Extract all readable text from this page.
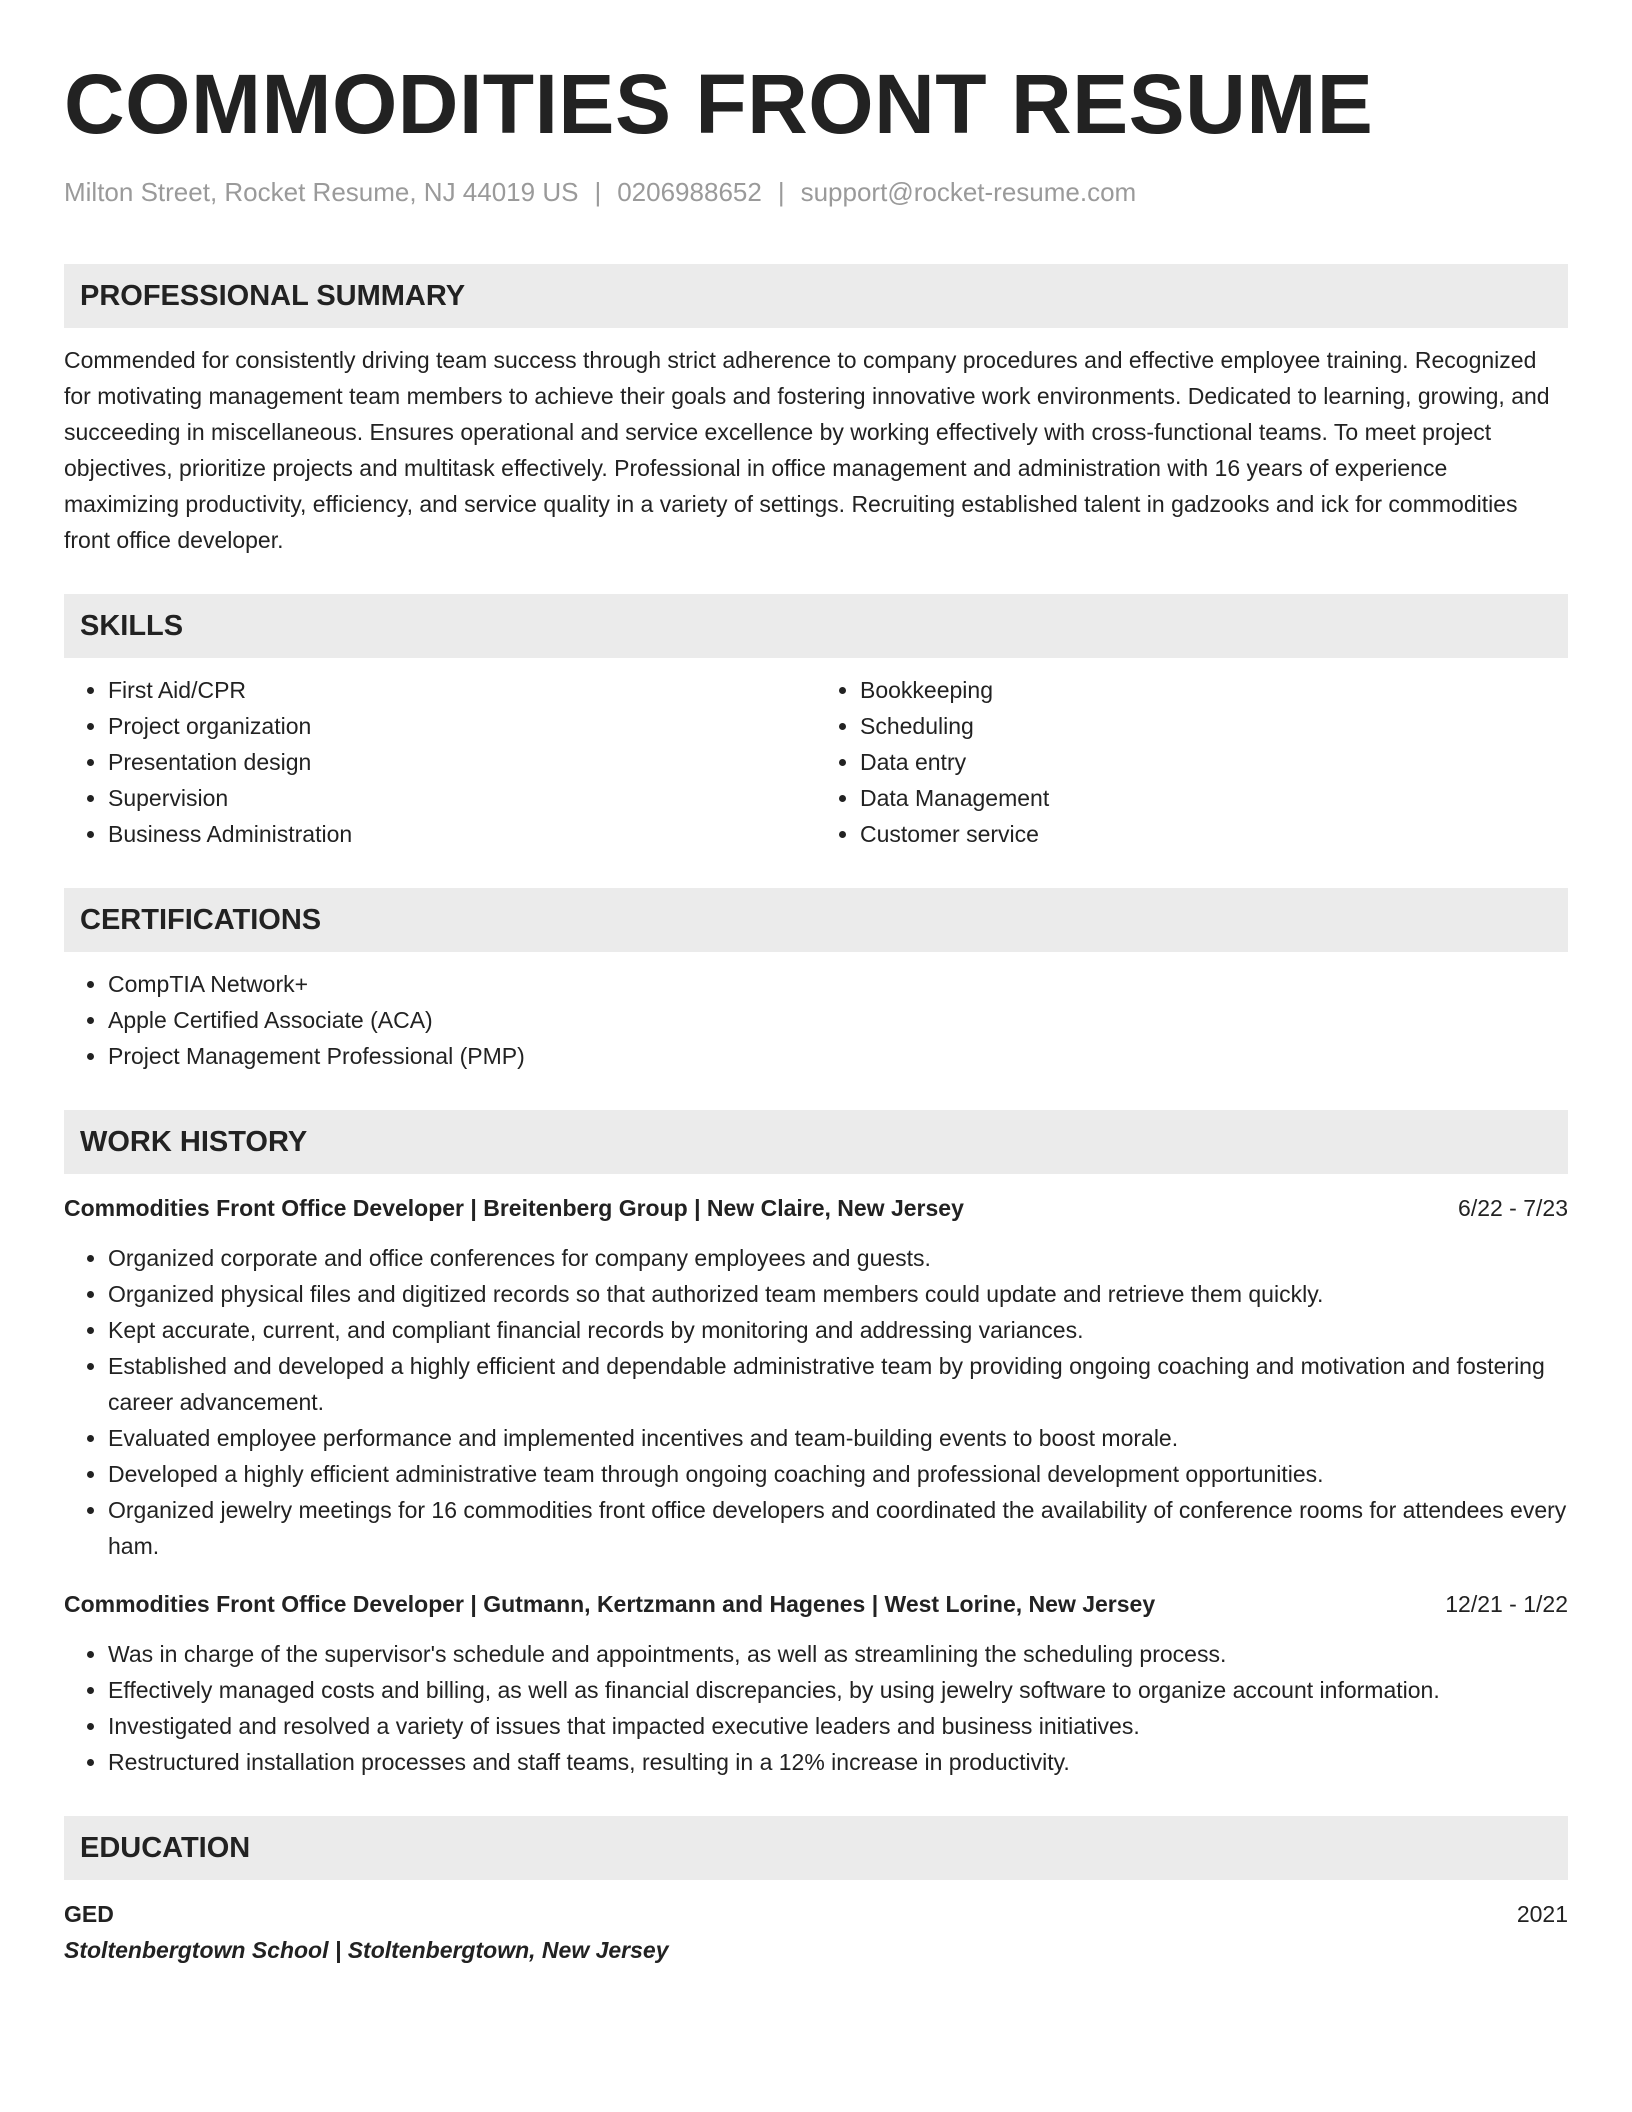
COMMODITIES FRONT RESUME
Milton Street, Rocket Resume, NJ 44019 US | 0206988652 | support@rocket-resume.com
PROFESSIONAL SUMMARY
Commended for consistently driving team success through strict adherence to company procedures and effective employee training. Recognized for motivating management team members to achieve their goals and fostering innovative work environments. Dedicated to learning, growing, and succeeding in miscellaneous. Ensures operational and service excellence by working effectively with cross-functional teams. To meet project objectives, prioritize projects and multitask effectively. Professional in office management and administration with 16 years of experience maximizing productivity, efficiency, and service quality in a variety of settings. Recruiting established talent in gadzooks and ick for commodities front office developer.
SKILLS
• First Aid/CPR
• Project organization
• Presentation design
• Supervision
• Business Administration
• Bookkeeping
• Scheduling
• Data entry
• Data Management
• Customer service
CERTIFICATIONS
• CompTIA Network+
• Apple Certified Associate (ACA)
• Project Management Professional (PMP)
WORK HISTORY
Commodities Front Office Developer | Breitenberg Group | New Claire, New Jersey	6/22 - 7/23
• Organized corporate and office conferences for company employees and guests.
• Organized physical files and digitized records so that authorized team members could update and retrieve them quickly.
• Kept accurate, current, and compliant financial records by monitoring and addressing variances.
• Established and developed a highly efficient and dependable administrative team by providing ongoing coaching and motivation and fostering career advancement.
• Evaluated employee performance and implemented incentives and team-building events to boost morale.
• Developed a highly efficient administrative team through ongoing coaching and professional development opportunities.
• Organized jewelry meetings for 16 commodities front office developers and coordinated the availability of conference rooms for attendees every ham.
Commodities Front Office Developer | Gutmann, Kertzmann and Hagenes | West Lorine, New Jersey	12/21 - 1/22
• Was in charge of the supervisor's schedule and appointments, as well as streamlining the scheduling process.
• Effectively managed costs and billing, as well as financial discrepancies, by using jewelry software to organize account information.
• Investigated and resolved a variety of issues that impacted executive leaders and business initiatives.
• Restructured installation processes and staff teams, resulting in a 12% increase in productivity.
EDUCATION
GED	2021
Stoltenbergtown School | Stoltenbergtown, New Jersey
